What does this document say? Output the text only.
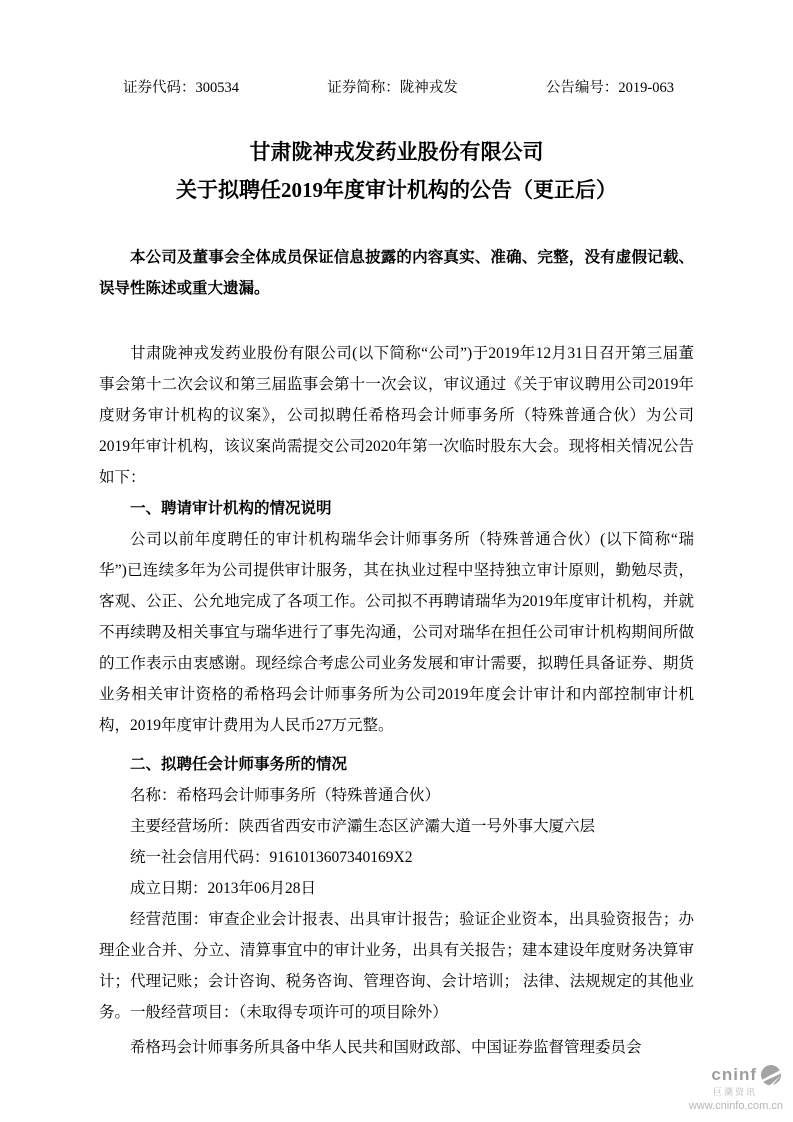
证券代码：300534	证券简称：陇神戎发	公告编号：2019-063
甘肃陇神戎发药业股份有限公司
关于拟聘任2019年度审计机构的公告（更正后）

本公司及董事会全体成员保证信息披露的内容真实、准确、完整，没有虚假记载、误导性陈述或重大遗漏。

甘肃陇神戎发药业股份有限公司(以下简称“公司”)于2019年12月31日召开第三届董事会第十二次会议和第三届监事会第十一次会议，审议通过《关于审议聘用公司2019年度财务审计机构的议案》，公司拟聘任希格玛会计师事务所（特殊普通合伙）为公司2019年审计机构，该议案尚需提交公司2020年第一次临时股东大会。现将相关情况公告如下：

一、聘请审计机构的情况说明

公司以前年度聘任的审计机构瑞华会计师事务所（特殊普通合伙）(以下简称“瑞华”)已连续多年为公司提供审计服务，其在执业过程中坚持独立审计原则，勤勉尽责，客观、公正、公允地完成了各项工作。公司拟不再聘请瑞华为2019年度审计机构，并就不再续聘及相关事宜与瑞华进行了事先沟通，公司对瑞华在担任公司审计机构期间所做的工作表示由衷感谢。现经综合考虑公司业务发展和审计需要，拟聘任具备证券、期货业务相关审计资格的希格玛会计师事务所为公司2019年度会计审计和内部控制审计机构，2019年度审计费用为人民币27万元整。

二、拟聘任会计师事务所的情况
名称：希格玛会计师事务所（特殊普通合伙）
主要经营场所：陕西省西安市浐灞生态区浐灞大道一号外事大厦六层
统一社会信用代码：9161013607340169X2
成立日期：2013年06月28日

经营范围：审查企业会计报表、出具审计报告；验证企业资本，出具验资报告；办理企业合并、分立、清算事宜中的审计业务，出具有关报告；建本建设年度财务决算审计；代理记账；会计咨询、税务咨询、管理咨询、会计培训； 法律、法规规定的其他业务。一般经营项目：（未取得专项许可的项目除外）

希格玛会计师事务所具备中华人民共和国财政部、中国证券监督管理委员会

cninf
巨潮资讯
www.cninfo.com.cn
